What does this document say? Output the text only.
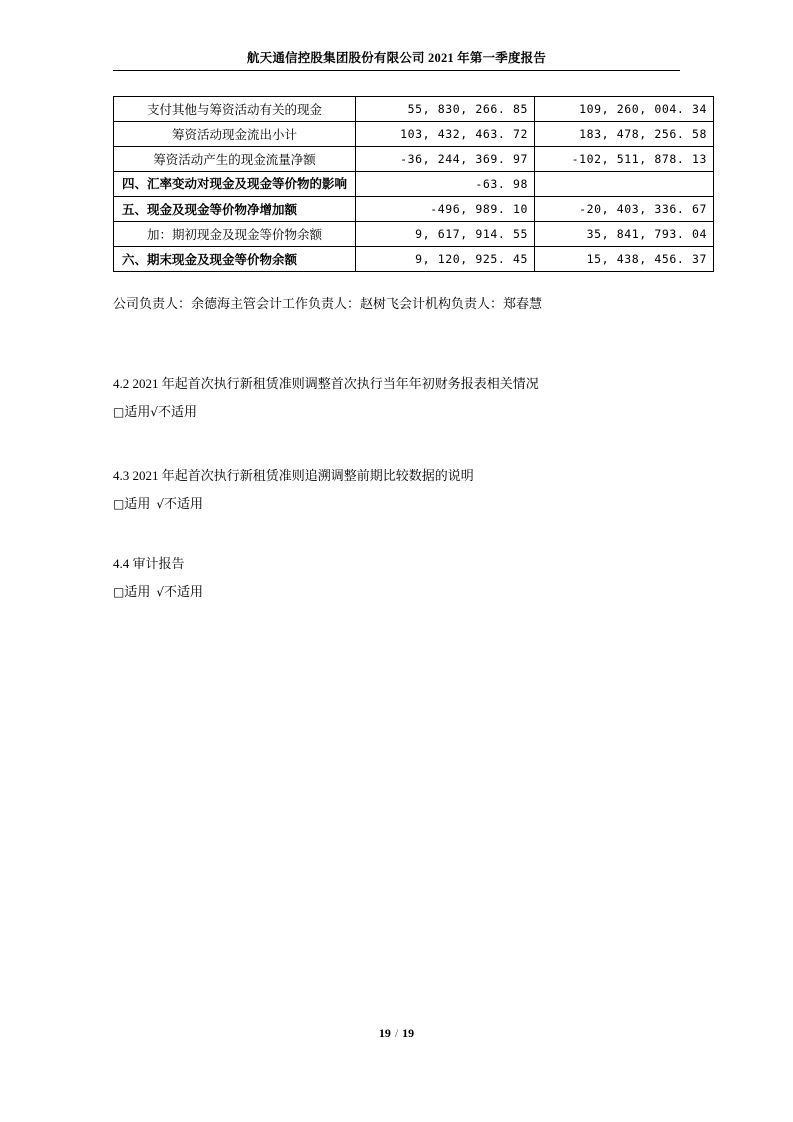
航天通信控股集团股份有限公司 2021 年第一季度报告
支付其他与筹资活动有关的现金	55, 830, 266. 85	109, 260, 004. 34
筹资活动现金流出小计	103, 432, 463. 72	183, 478, 256. 58
筹资活动产生的现金流量净额	-36, 244, 369. 97	-102, 511, 878. 13
四、汇率变动对现金及现金等价物的影响	-63. 98	
五、现金及现金等价物净增加额	-496, 989. 10	-20, 403, 336. 67
加：期初现金及现金等价物余额	9, 617, 914. 55	35, 841, 793. 04
六、期末现金及现金等价物余额	9, 120, 925. 45	15, 438, 456. 37
公司负责人：余德海主管会计工作负责人：赵树飞会计机构负责人：郑春慧
4.2 2021 年起首次执行新租赁准则调整首次执行当年年初财务报表相关情况
□适用√不适用
4.3 2021 年起首次执行新租赁准则追溯调整前期比较数据的说明
□适用 √不适用
4.4 审计报告
□适用 √不适用
19 / 19
